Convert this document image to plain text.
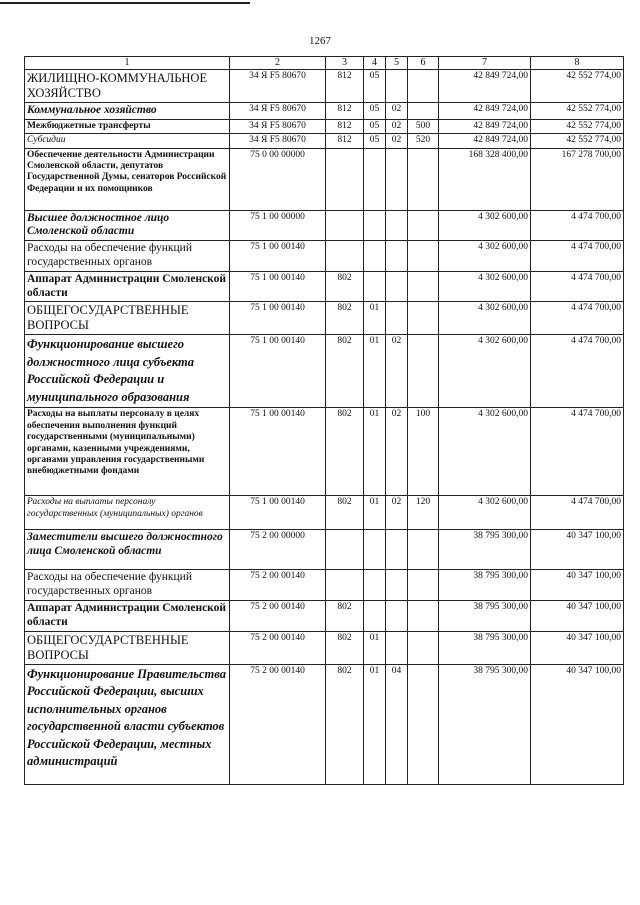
1267
1	2	3	4	5	6	7	8
ЖИЛИЩНО-КОММУНАЛЬНОЕ ХОЗЯЙСТВО	34 Я F5 80670	812	05			42 849 724,00	42 552 774,00
Коммунальное хозяйство	34 Я F5 80670	812	05	02		42 849 724,00	42 552 774,00
Межбюджетные трансферты	34 Я F5 80670	812	05	02	500	42 849 724,00	42 552 774,00
Субсидии	34 Я F5 80670	812	05	02	520	42 849 724,00	42 552 774,00
Обеспечение деятельности Администрации Смоленской области, депутатов Государственной Думы, сенаторов Российской Федерации и их помощников	75 0 00 00000					168 328 400,00	167 278 700,00
Высшее должностное лицо Смоленской области	75 1 00 00000					4 302 600,00	4 474 700,00
Расходы на обеспечение функций государственных органов	75 1 00 00140					4 302 600,00	4 474 700,00
Аппарат Администрации Смоленской области	75 1 00 00140	802				4 302 600,00	4 474 700,00
ОБЩЕГОСУДАРСТВЕННЫЕ ВОПРОСЫ	75 1 00 00140	802	01			4 302 600,00	4 474 700,00
Функционирование высшего должностного лица субъекта Российской Федерации и муниципального образования	75 1 00 00140	802	01	02		4 302 600,00	4 474 700,00
Расходы на выплаты персоналу в целях обеспечения выполнения функций государственными (муниципальными) органами, казенными учреждениями, органами управления государственными внебюджетными фондами	75 1 00 00140	802	01	02	100	4 302 600,00	4 474 700,00
Расходы на выплаты персоналу государственных (муниципальных) органов	75 1 00 00140	802	01	02	120	4 302 600,00	4 474 700,00
Заместители высшего должностного лица Смоленской области	75 2 00 00000					38 795 300,00	40 347 100,00
Расходы на обеспечение функций государственных органов	75 2 00 00140					38 795 300,00	40 347 100,00
Аппарат Администрации Смоленской области	75 2 00 00140	802				38 795 300,00	40 347 100,00
ОБЩЕГОСУДАРСТВЕННЫЕ ВОПРОСЫ	75 2 00 00140	802	01			38 795 300,00	40 347 100,00
Функционирование Правительства Российской Федерации, высших исполнительных органов государственной власти субъектов Российской Федерации, местных администраций	75 2 00 00140	802	01	04		38 795 300,00	40 347 100,00
